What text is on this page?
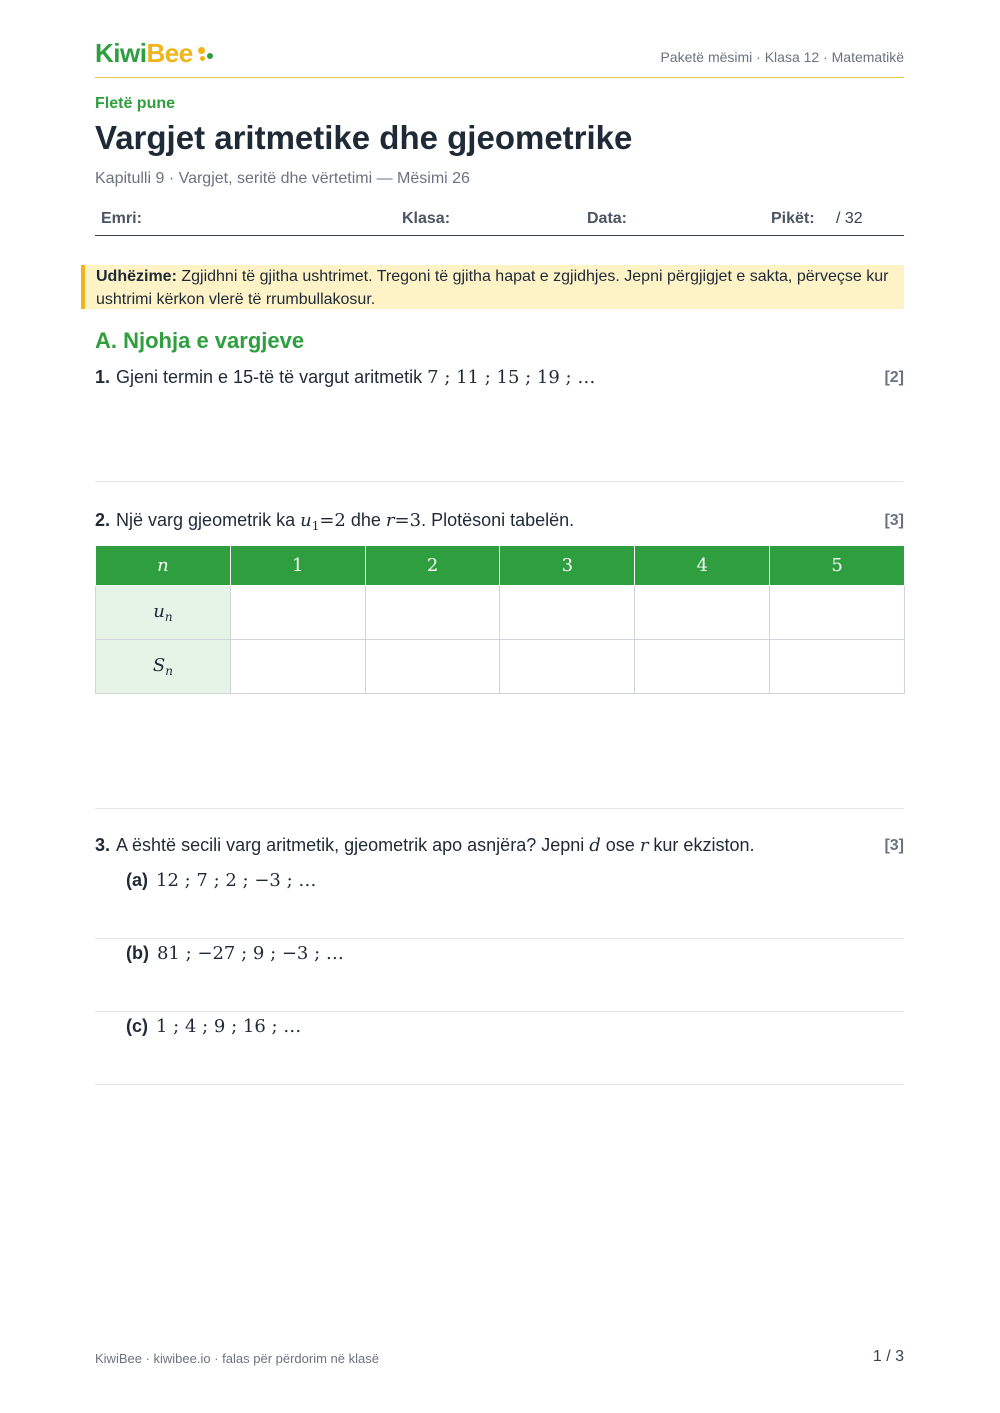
Kiwi Bee	Paketë mësimi · Klasa 12 · Matematikë
Fletë pune
Vargjet aritmetike dhe gjeometrike
Kapitulli 9 · Vargjet, seritë dhe vërtetimi — Mësimi 26
Emri:	Klasa:	Data:	Pikët: / 32
Udhëzime: Zgjidhni të gjitha ushtrimet. Tregoni të gjitha hapat e zgjidhjes. Jepni përgjigjet e sakta, përveçse kur ushtrimi kërkon vlerë të rrumbullakosur.
A. Njohja e vargjeve
1. Gjeni termin e 15-të të vargut aritmetik 7 ; 11 ; 15 ; 19 ; …	[2]
2. Një varg gjeometrik ka $u_1=2$ dhe r=3. Plotësoni tabelën.	[3]
n	1	2	3	4	5
$u_n$					
$S_n$					
3. A është secili varg aritmetik, gjeometrik apo asnjëra? Jepni d ose r kur ekziston.	[3]
(a) 12 ; 7 ; 2 ; −3 ; …
(b) 81 ; −27 ; 9 ; −3 ; …
(c) 1 ; 4 ; 9 ; 16 ; …
KiwiBee · kiwibee.io · falas për përdorim në klasë	1 / 3
